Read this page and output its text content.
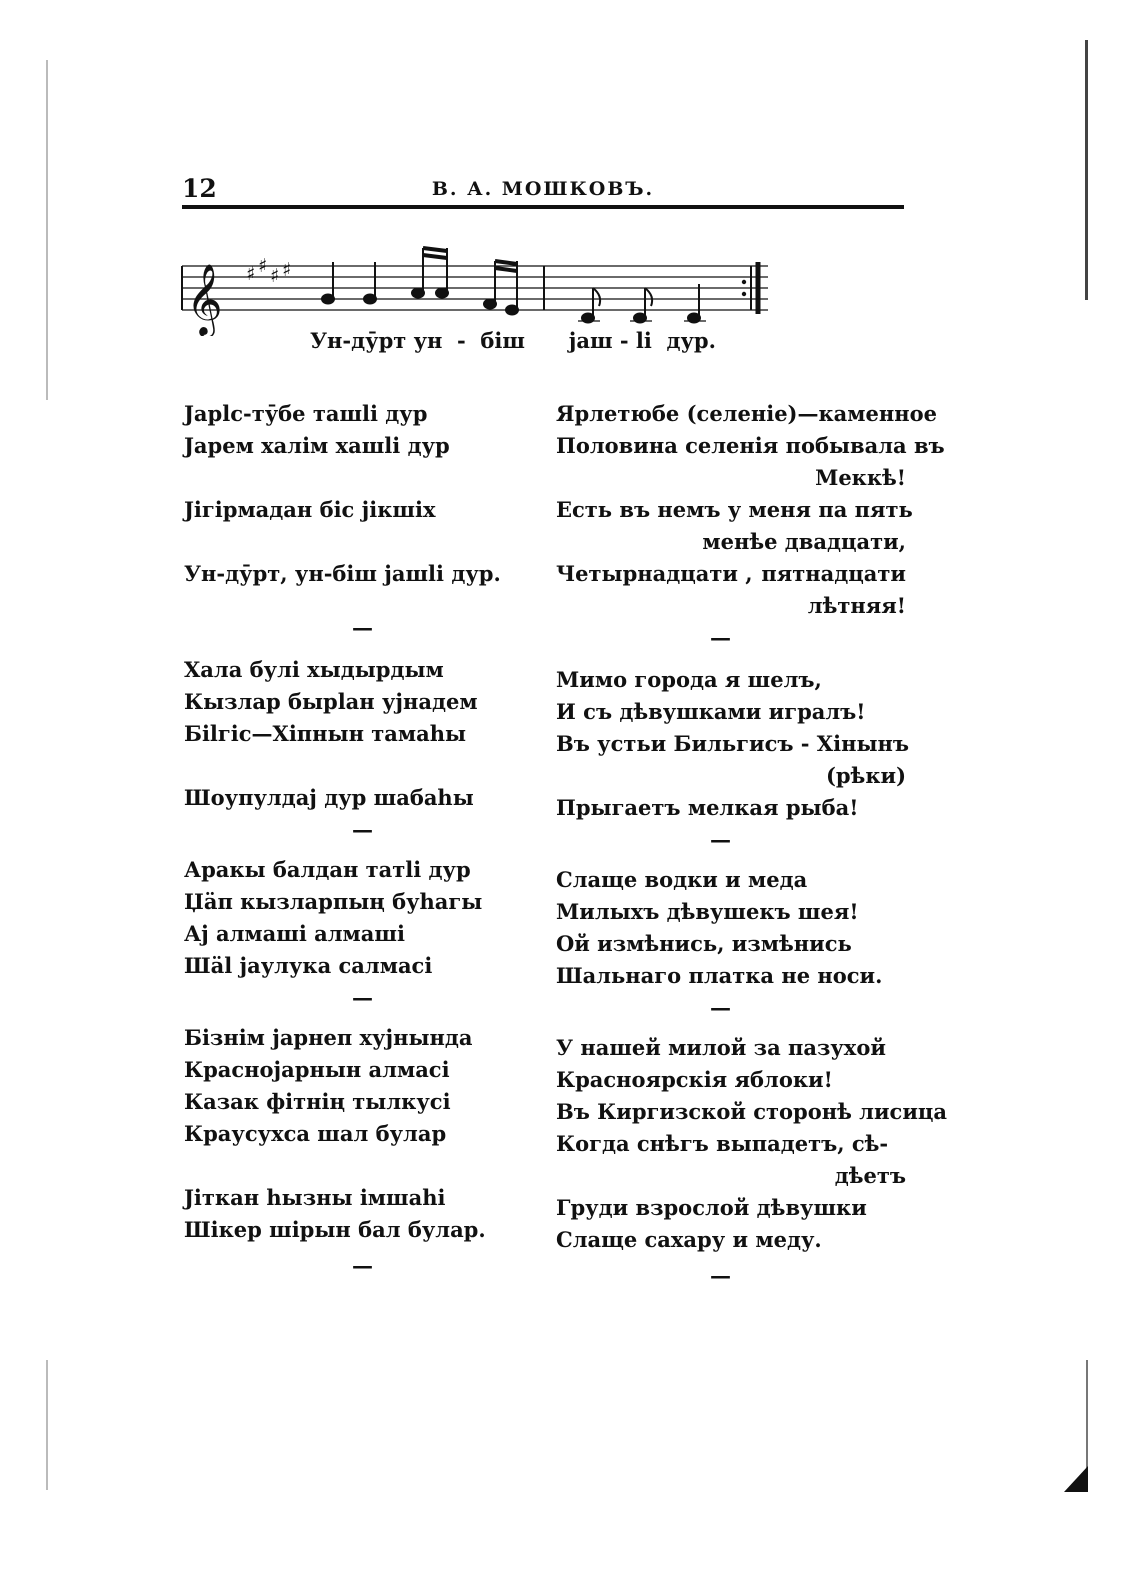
12	В. А. МОШКОВЪ.
𝄞 ♯ ♯ ♯ ♯
Ун-дӯрт ун  -  біш      јаш - lі  дур.
Јарlс-тӯбе ташlі дур
Јарем халім хашlі дур
Јігірмадан біс јікшіх
Ун-дӯрт, ун-біш јашlі дур.
—
Хала булі хыдырдым
Кызлар бырlан ујнадем
Бilгіс—Хіпнын тамаһы
Шоупулдај дур шабаһы
—
Аракы балдан татlі дур
Џäп кызларпың буһагы
Ај алмашi алмашi
Шäl јаулука салмасі
—
Бізнім јарнеп хујнында
Краснојарнын алмасі
Казак фітнің тылкусі
Краусухса шал булар
Јіткан һызны імшаһі
Шікер шірын бал булар.
—
Ярлетюбе (селеніе)—каменное
Половина селенія побывала въ
Меккѣ!
Есть въ немъ у меня па пять
менѣе двадцати,
Четырнадцати , пятнадцати
лѣтняя!
—
Мимо города я шелъ,
И съ дѣвушками игралъ!
Въ устьи Бильгисъ - Хінынъ
(рѣки)
Прыгаетъ мелкая рыба!
—
Слаще водки и меда
Милыхъ дѣвушекъ шея!
Ой измѣнись, измѣнись
Шальнаго платка не носи.
—
У нашей милой за пазухой
Красноярскія яблоки!
Въ Киргизской сторонѣ лисица
Когда снѣгъ выпадетъ, сѣ-
дѣетъ
Груди взрослой дѣвушки
Слаще сахару и меду.
—
